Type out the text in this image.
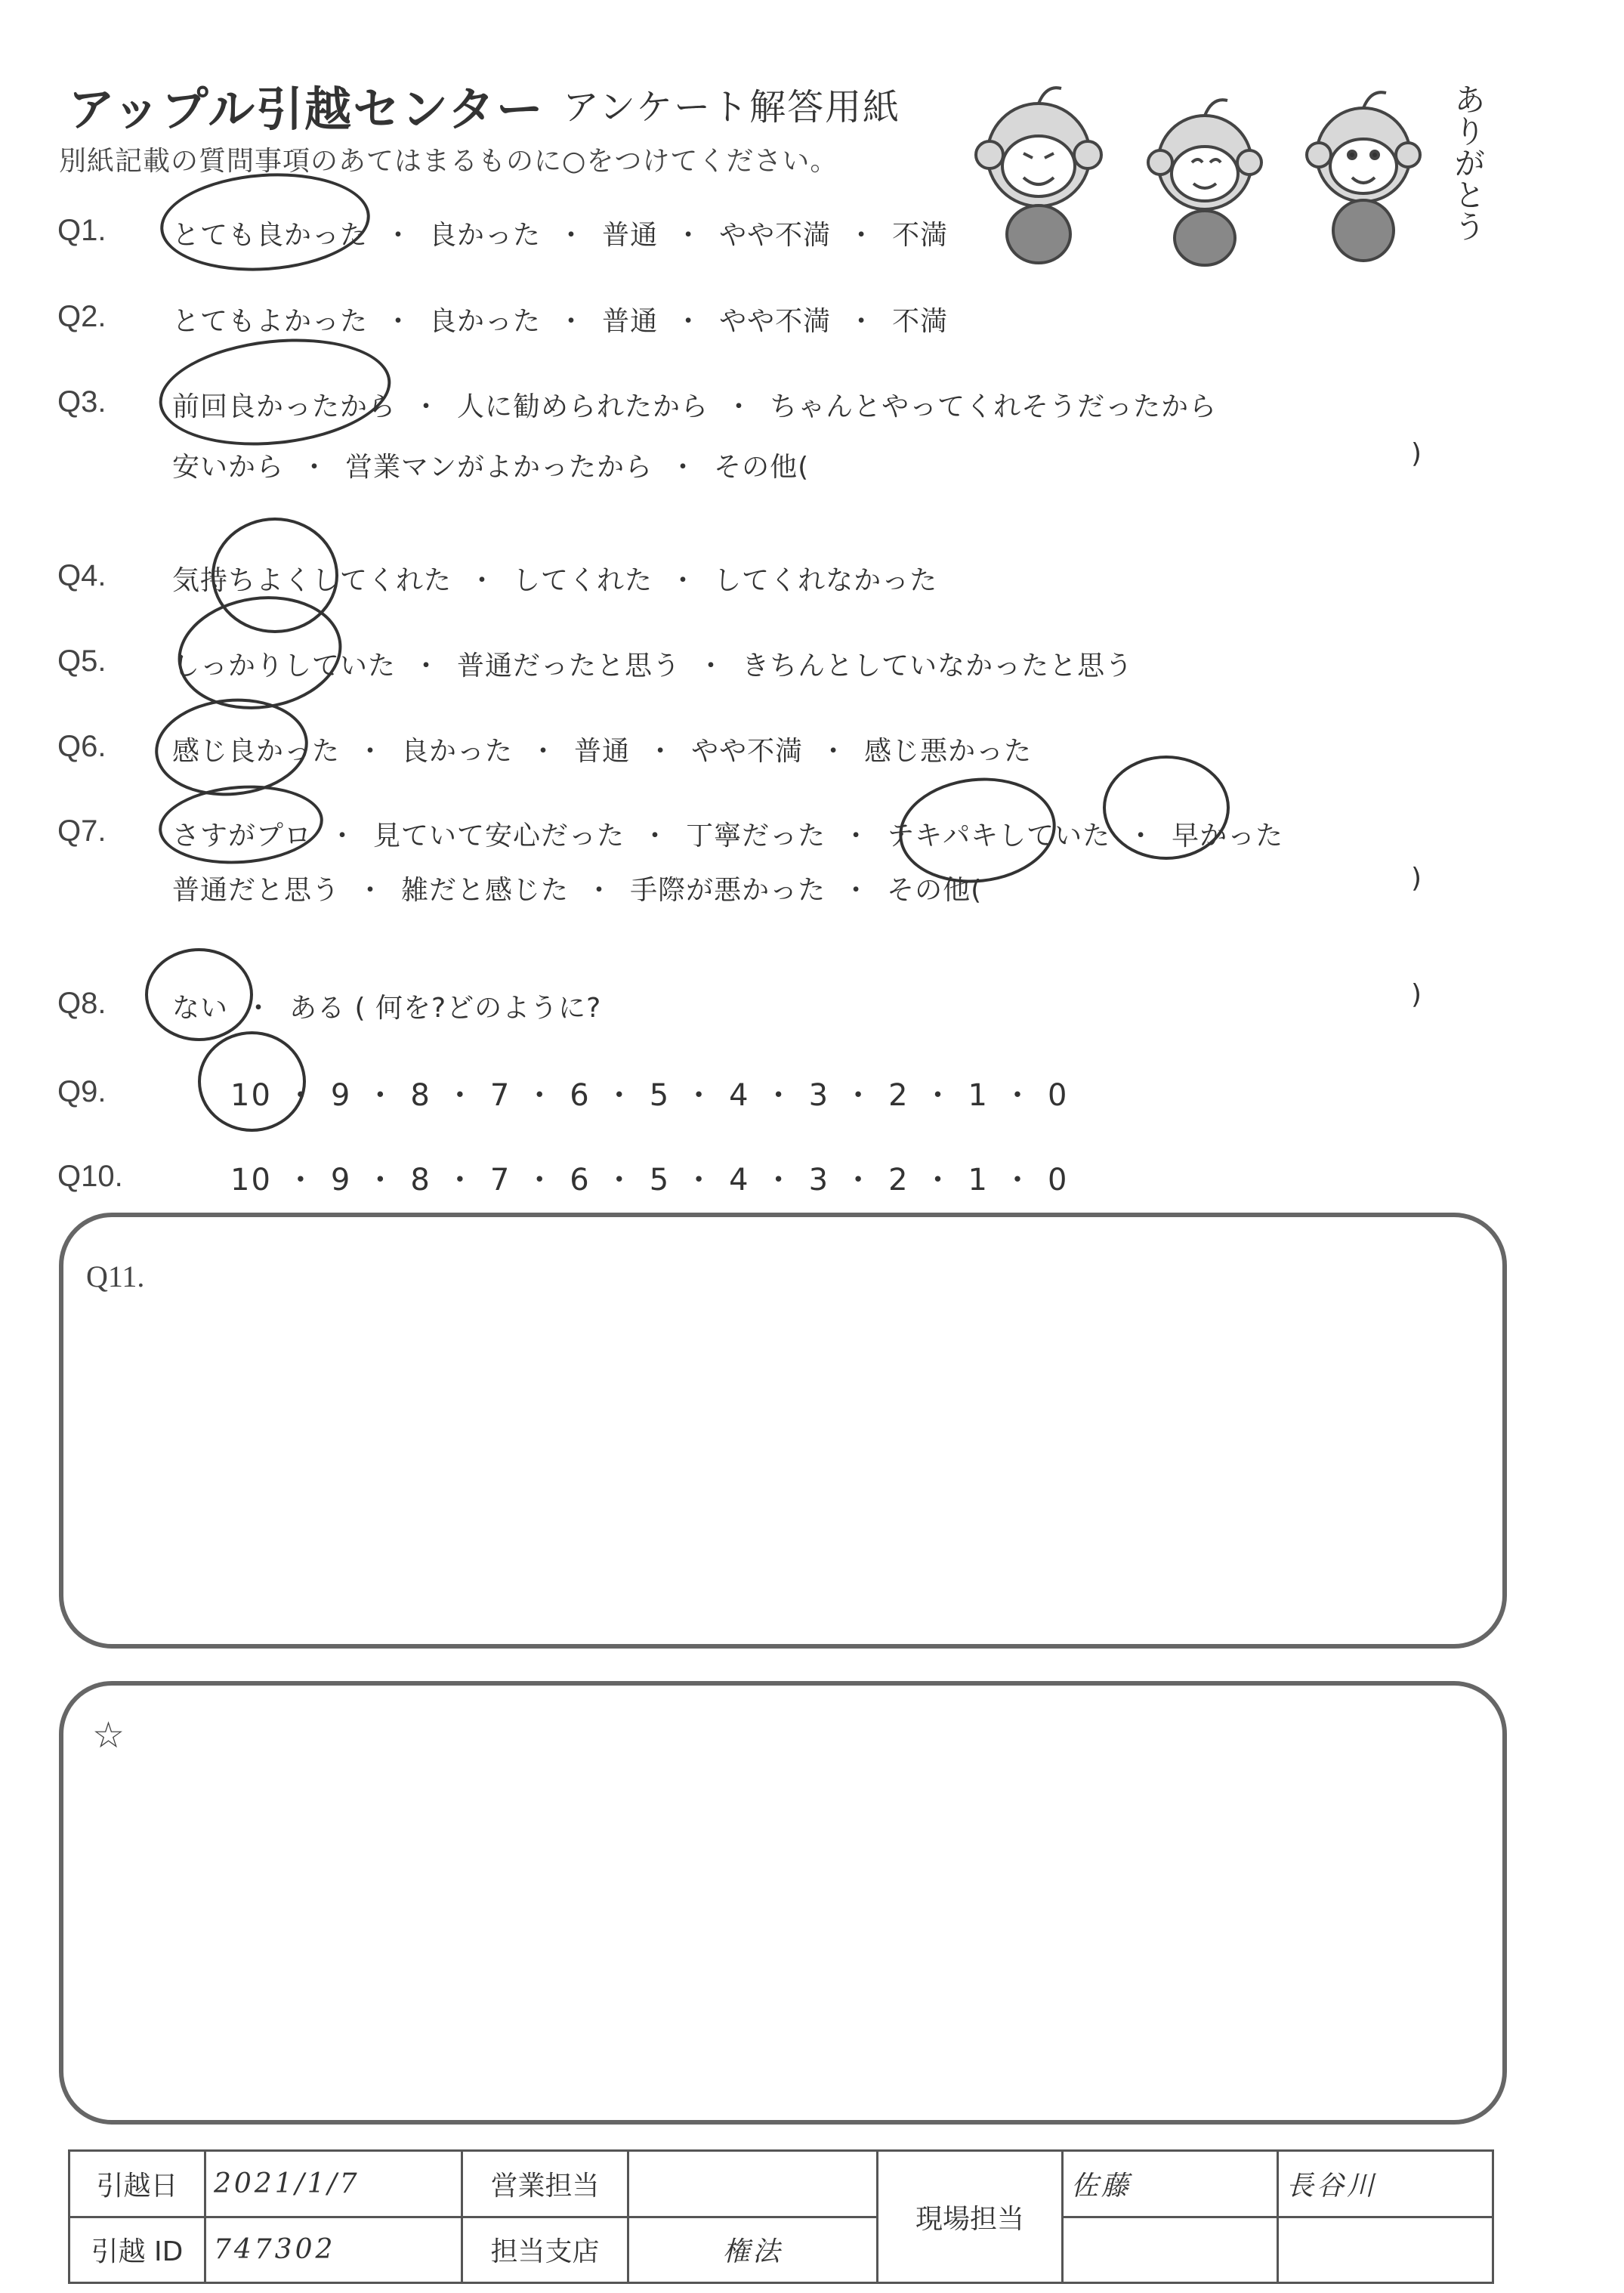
アップル引越センター アンケート解答用紙
別紙記載の質問事項のあてはまるものに○をつけてください。	ありがとう
Q1. とても良かった ・ 良かった ・ 普通 ・ やや不満 ・ 不満
Q2. とてもよかった ・ 良かった ・ 普通 ・ やや不満 ・ 不満
Q3. 前回良かったから ・ 人に勧められたから ・ ちゃんとやってくれそうだったから
安いから ・ 営業マンがよかったから ・ その他(	)
Q4. 気持ちよくしてくれた ・ してくれた ・ してくれなかった
Q5. しっかりしていた ・ 普通だったと思う ・ きちんとしていなかったと思う
Q6. 感じ良かった ・ 良かった ・ 普通 ・ やや不満 ・ 感じ悪かった
Q7. さすがプロ ・ 見ていて安心だった ・ 丁寧だった ・ テキパキしていた ・ 早かった
普通だと思う ・ 雑だと感じた ・ 手際が悪かった ・ その他(	)
Q8. ない ・ ある ( 何を?どのように?	)
Q9.	10 ・ 9 ・ 8 ・ 7 ・ 6 ・ 5 ・ 4 ・ 3 ・ 2 ・ 1 ・ 0
Q10.	10 ・ 9 ・ 8 ・ 7 ・ 6 ・ 5 ・ 4 ・ 3 ・ 2 ・ 1 ・ 0
Q11.
☆
引越日	2021/1/7	営業担当		現場担当	佐藤	長谷川
引越 ID	747302	担当支店	権法			
